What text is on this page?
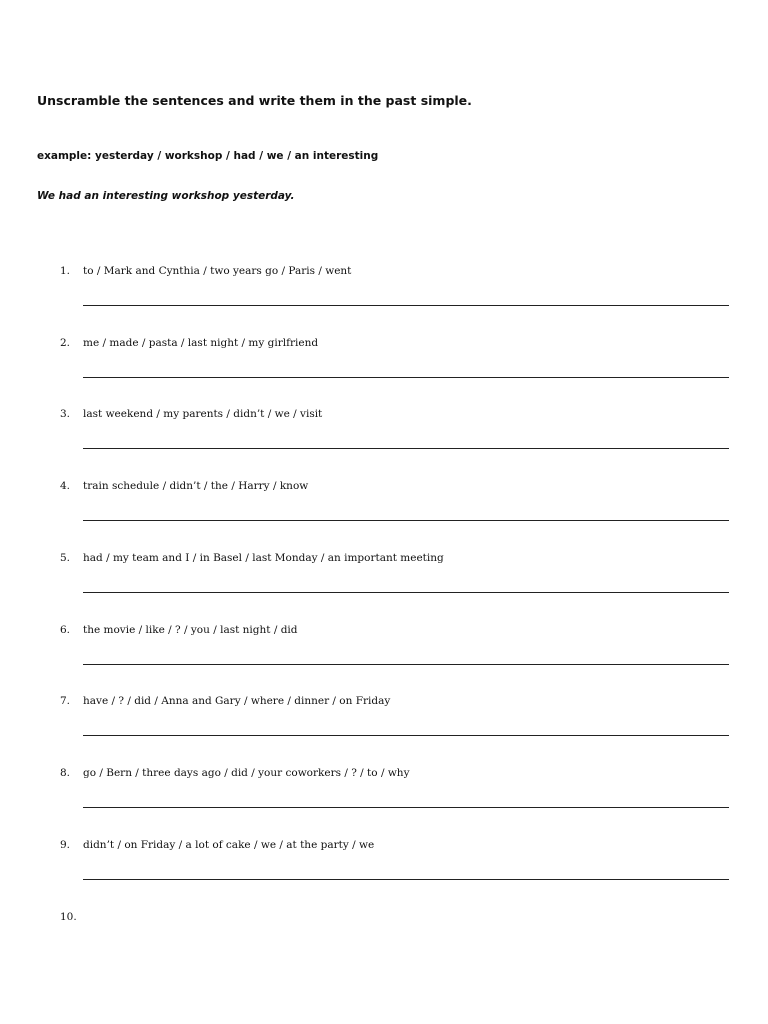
Unscramble the sentences and write them in the past simple.
example: yesterday / workshop / had / we / an interesting
We had an interesting workshop yesterday.
1. to / Mark and Cynthia / two years go / Paris / went
2. me / made / pasta / last night / my girlfriend
3. last weekend / my parents / didn’t / we / visit
4. train schedule / didn’t / the / Harry / know
5. had / my team and I / in Basel / last Monday / an important meeting
6. the movie / like / ? / you / last night / did
7. have / ? / did / Anna and Gary / where / dinner / on Friday
8. go / Bern / three days ago / did / your coworkers / ? / to / why
9. didn’t / on Friday / a lot of cake / we / at the party / we
10.
